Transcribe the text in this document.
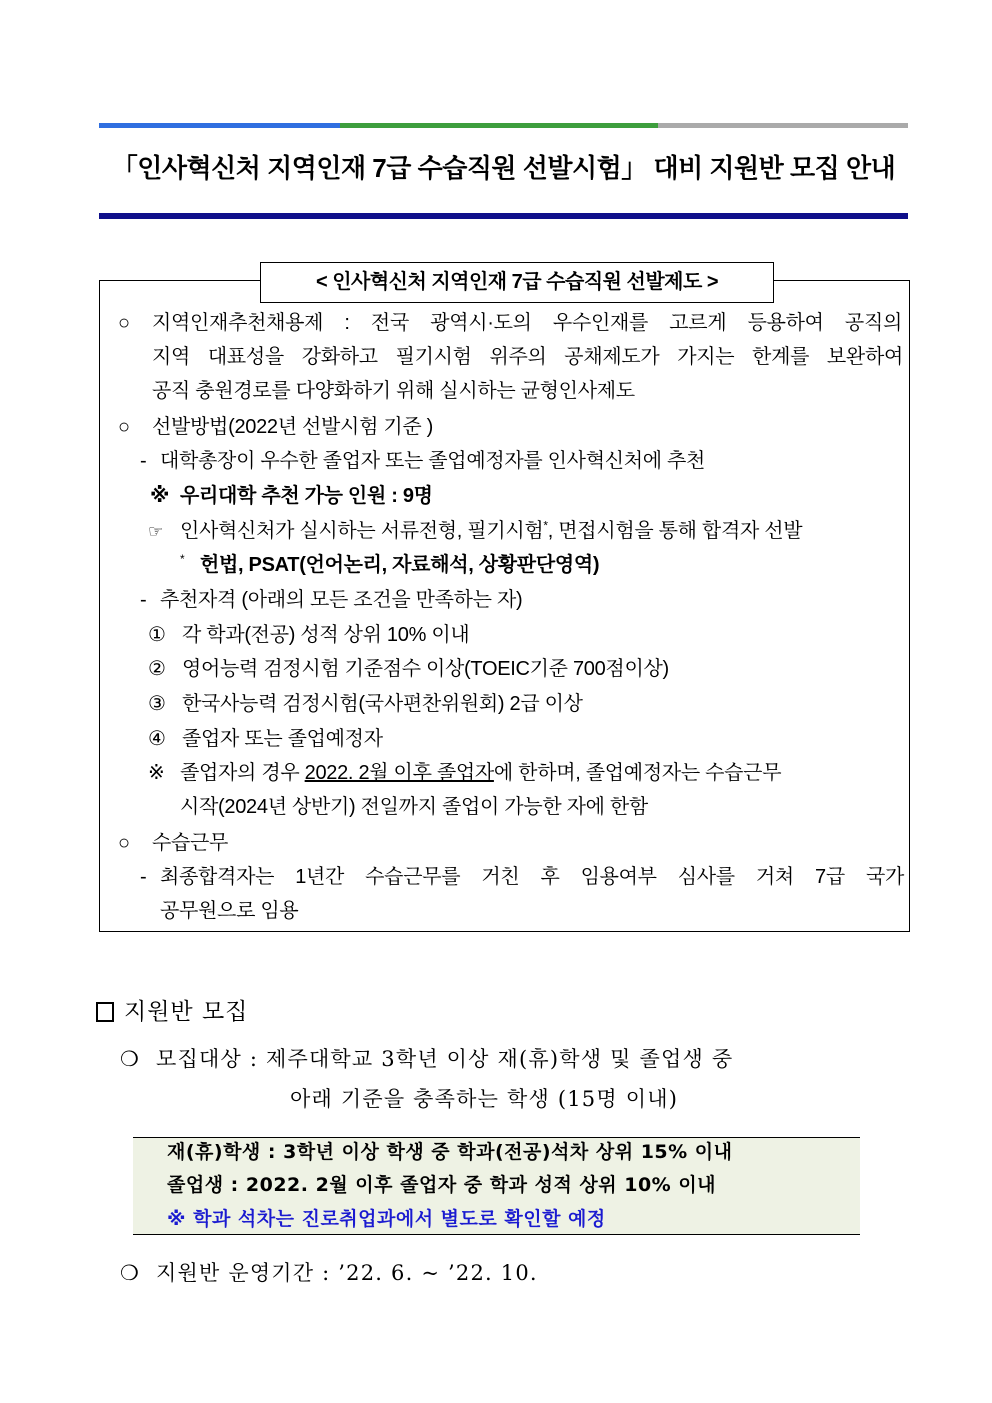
「인사혁신처 지역인재 7급 수습직원 선발시험」 대비 지원반 모집 안내
< 인사혁신처 지역인재 7급 수습직원 선발제도 >
○ 지역인재추천채용제 : 전국 광역시·도의 우수인재를 고르게 등용하여 공직의
지역 대표성을 강화하고 필기시험 위주의 공채제도가 가지는 한계를 보완하여
공직 충원경로를 다양화하기 위해 실시하는 균형인사제도
○ 선발방법(2022년 선발시험 기준 )
- 대학총장이 우수한 졸업자 또는 졸업예정자를 인사혁신처에 추천
※ 우리대학 추천 가능 인원 : 9명
☞ 인사혁신처가 실시하는 서류전형, 필기시험*, 면접시험을 통해 합격자 선발
* 헌법, PSAT(언어논리, 자료해석, 상황판단영역)
- 추천자격 (아래의 모든 조건을 만족하는 자)
① 각 학과(전공) 성적 상위 10% 이내
② 영어능력 검정시험 기준점수 이상(TOEIC기준 700점이상)
③ 한국사능력 검정시험(국사편찬위원회) 2급 이상
④ 졸업자 또는 졸업예정자
※ 졸업자의 경우 2022. 2월 이후 졸업자에 한하며, 졸업예정자는 수습근무
시작(2024년 상반기) 전일까지 졸업이 가능한 자에 한함
○ 수습근무
- 최종합격자는 1년간 수습근무를 거친 후 임용여부 심사를 거쳐 7급 국가
공무원으로 임용
지원반 모집
❍ 모집대상 : 제주대학교 3학년 이상 재(휴)학생 및 졸업생 중
아래 기준을 충족하는 학생 (15명 이내)
재(휴)학생 : 3학년 이상 학생 중 학과(전공)석차 상위 15% 이내
졸업생 : 2022. 2월 이후 졸업자 중 학과 성적 상위 10% 이내
※ 학과 석차는 진로취업과에서 별도로 확인할 예정
❍ 지원반 운영기간 : ’22. 6. ~ ’22. 10.
